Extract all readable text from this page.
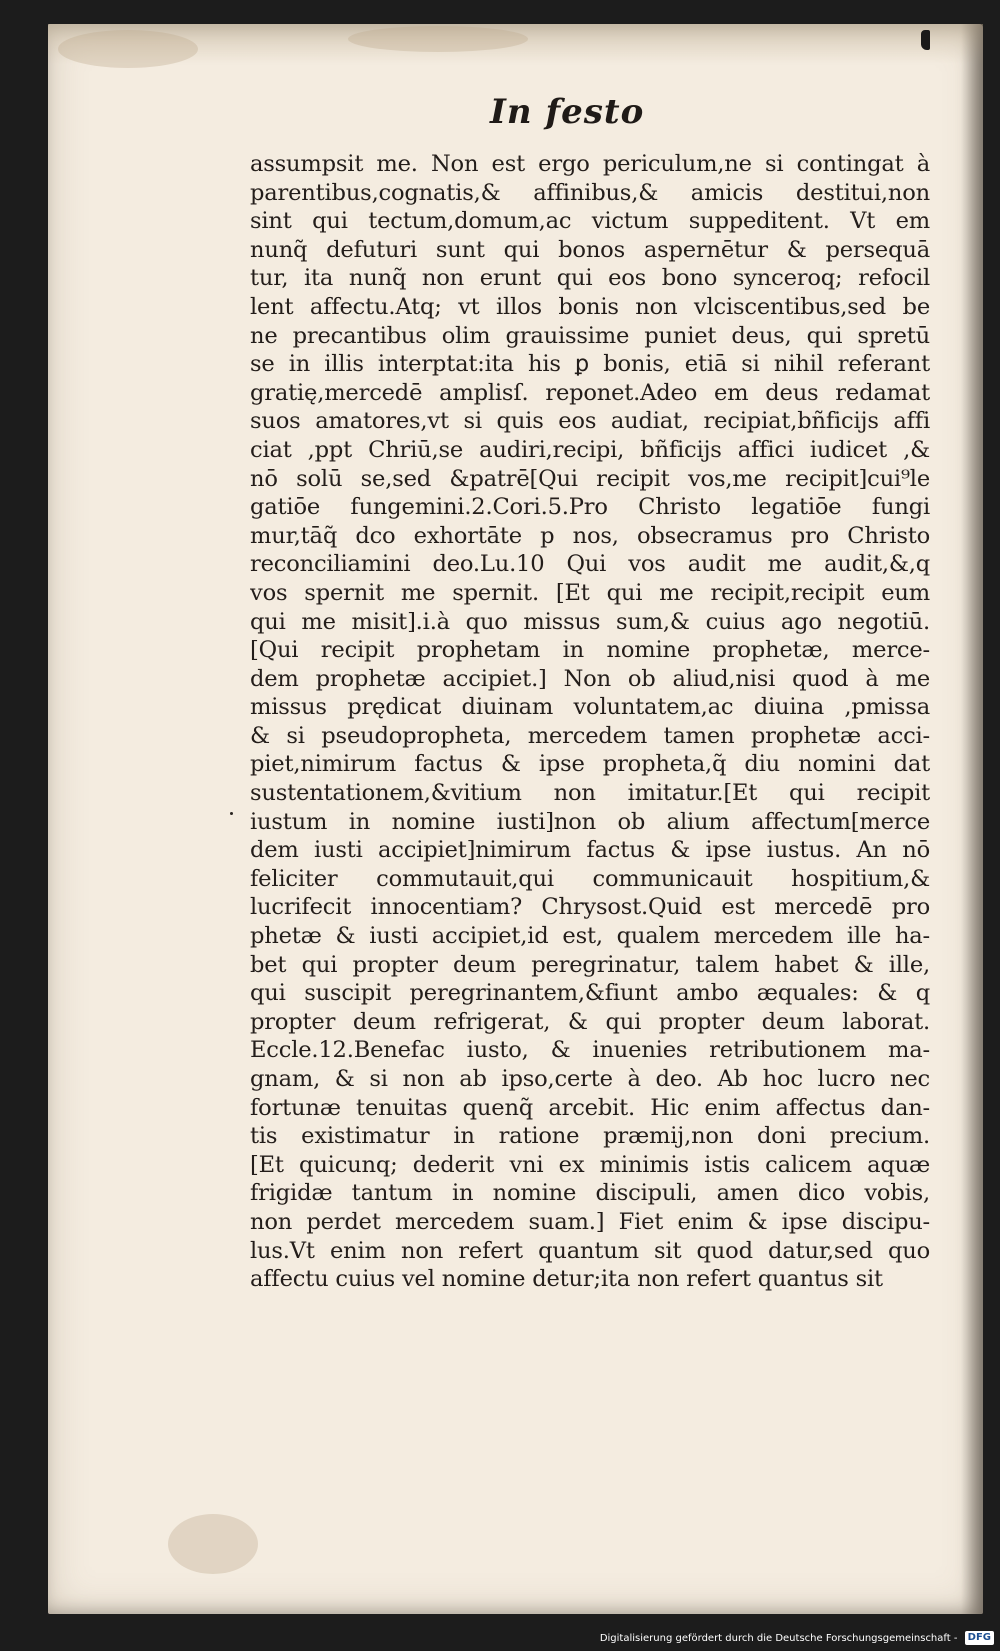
In festo
assumpsit me. Non est ergo periculum,ne si contingat à
parentibus,cognatis,& affinibus,& amicis destitui,non
sint qui tectum,domum,ac victum suppeditent. Vt em
nunq̃ defuturi sunt qui bonos aspernētur & persequā
tur, ita nunq̃ non erunt qui eos bono synceroq; refocil
lent affectu.Atq; vt illos bonis non vlciscentibus,sed be
ne precantibus olim grauissime puniet deus, qui spretū
se in illis interptat:ita his ꝑ bonis, etiā si nihil referant
gratię,mercedē amplisſ. reponet.Adeo em deus redamat
suos amatores,vt si quis eos audiat, recipiat,bñficijs affi
ciat ,ppt Chriū,se audiri,recipi, bñficijs affici iudicet ,&
nō solū se,sed &patrē[Qui recipit vos,me recipit]cui⁹le
gatiōe fungemini.2.Cori.5.Pro Christo legatiōe fungi
mur,tāq̃ dco exhortāte p nos, obsecramus pro Christo
reconciliamini deo.Lu.10 Qui vos audit me audit,&,q
vos spernit me spernit. [Et qui me recipit,recipit eum
qui me misit].i.à quo missus sum,& cuius ago negotiū.
[Qui recipit prophetam in nomine prophetæ, merce-
dem prophetæ accipiet.] Non ob aliud,nisi quod à me
missus prędicat diuinam voluntatem,ac diuina ,pmissa
& si pseudopropheta, mercedem tamen prophetæ acci-
piet,nimirum factus & ipse propheta,q̃ diu nomini dat
sustentationem,&vitium non imitatur.[Et qui recipit
iustum in nomine iusti]non ob alium affectum[merce
dem iusti accipiet]nimirum factus & ipse iustus. An nō
feliciter commutauit,qui communicauit hospitium,&
lucrifecit innocentiam? Chrysost.Quid est mercedē pro
phetæ & iusti accipiet,id est, qualem mercedem ille ha-
bet qui propter deum peregrinatur, talem habet & ille,
qui suscipit peregrinantem,&fiunt ambo æquales: & q
propter deum refrigerat, & qui propter deum laborat.
Eccle.12.Benefac iusto, & inuenies retributionem ma-
gnam, & si non ab ipso,certe à deo. Ab hoc lucro nec
fortunæ tenuitas quenq̃ arcebit. Hic enim affectus dan-
tis existimatur in ratione præmij,non doni precium.
[Et quicunq; dederit vni ex minimis istis calicem aquæ
frigidæ tantum in nomine discipuli, amen dico vobis,
non perdet mercedem suam.] Fiet enim & ipse discipu-
lus.Vt enim non refert quantum sit quod datur,sed quo
affectu cuius vel nomine detur;ita non refert quantus sit
Digitalisierung gefördert durch die Deutsche Forschungsgemeinschaft - DFG
